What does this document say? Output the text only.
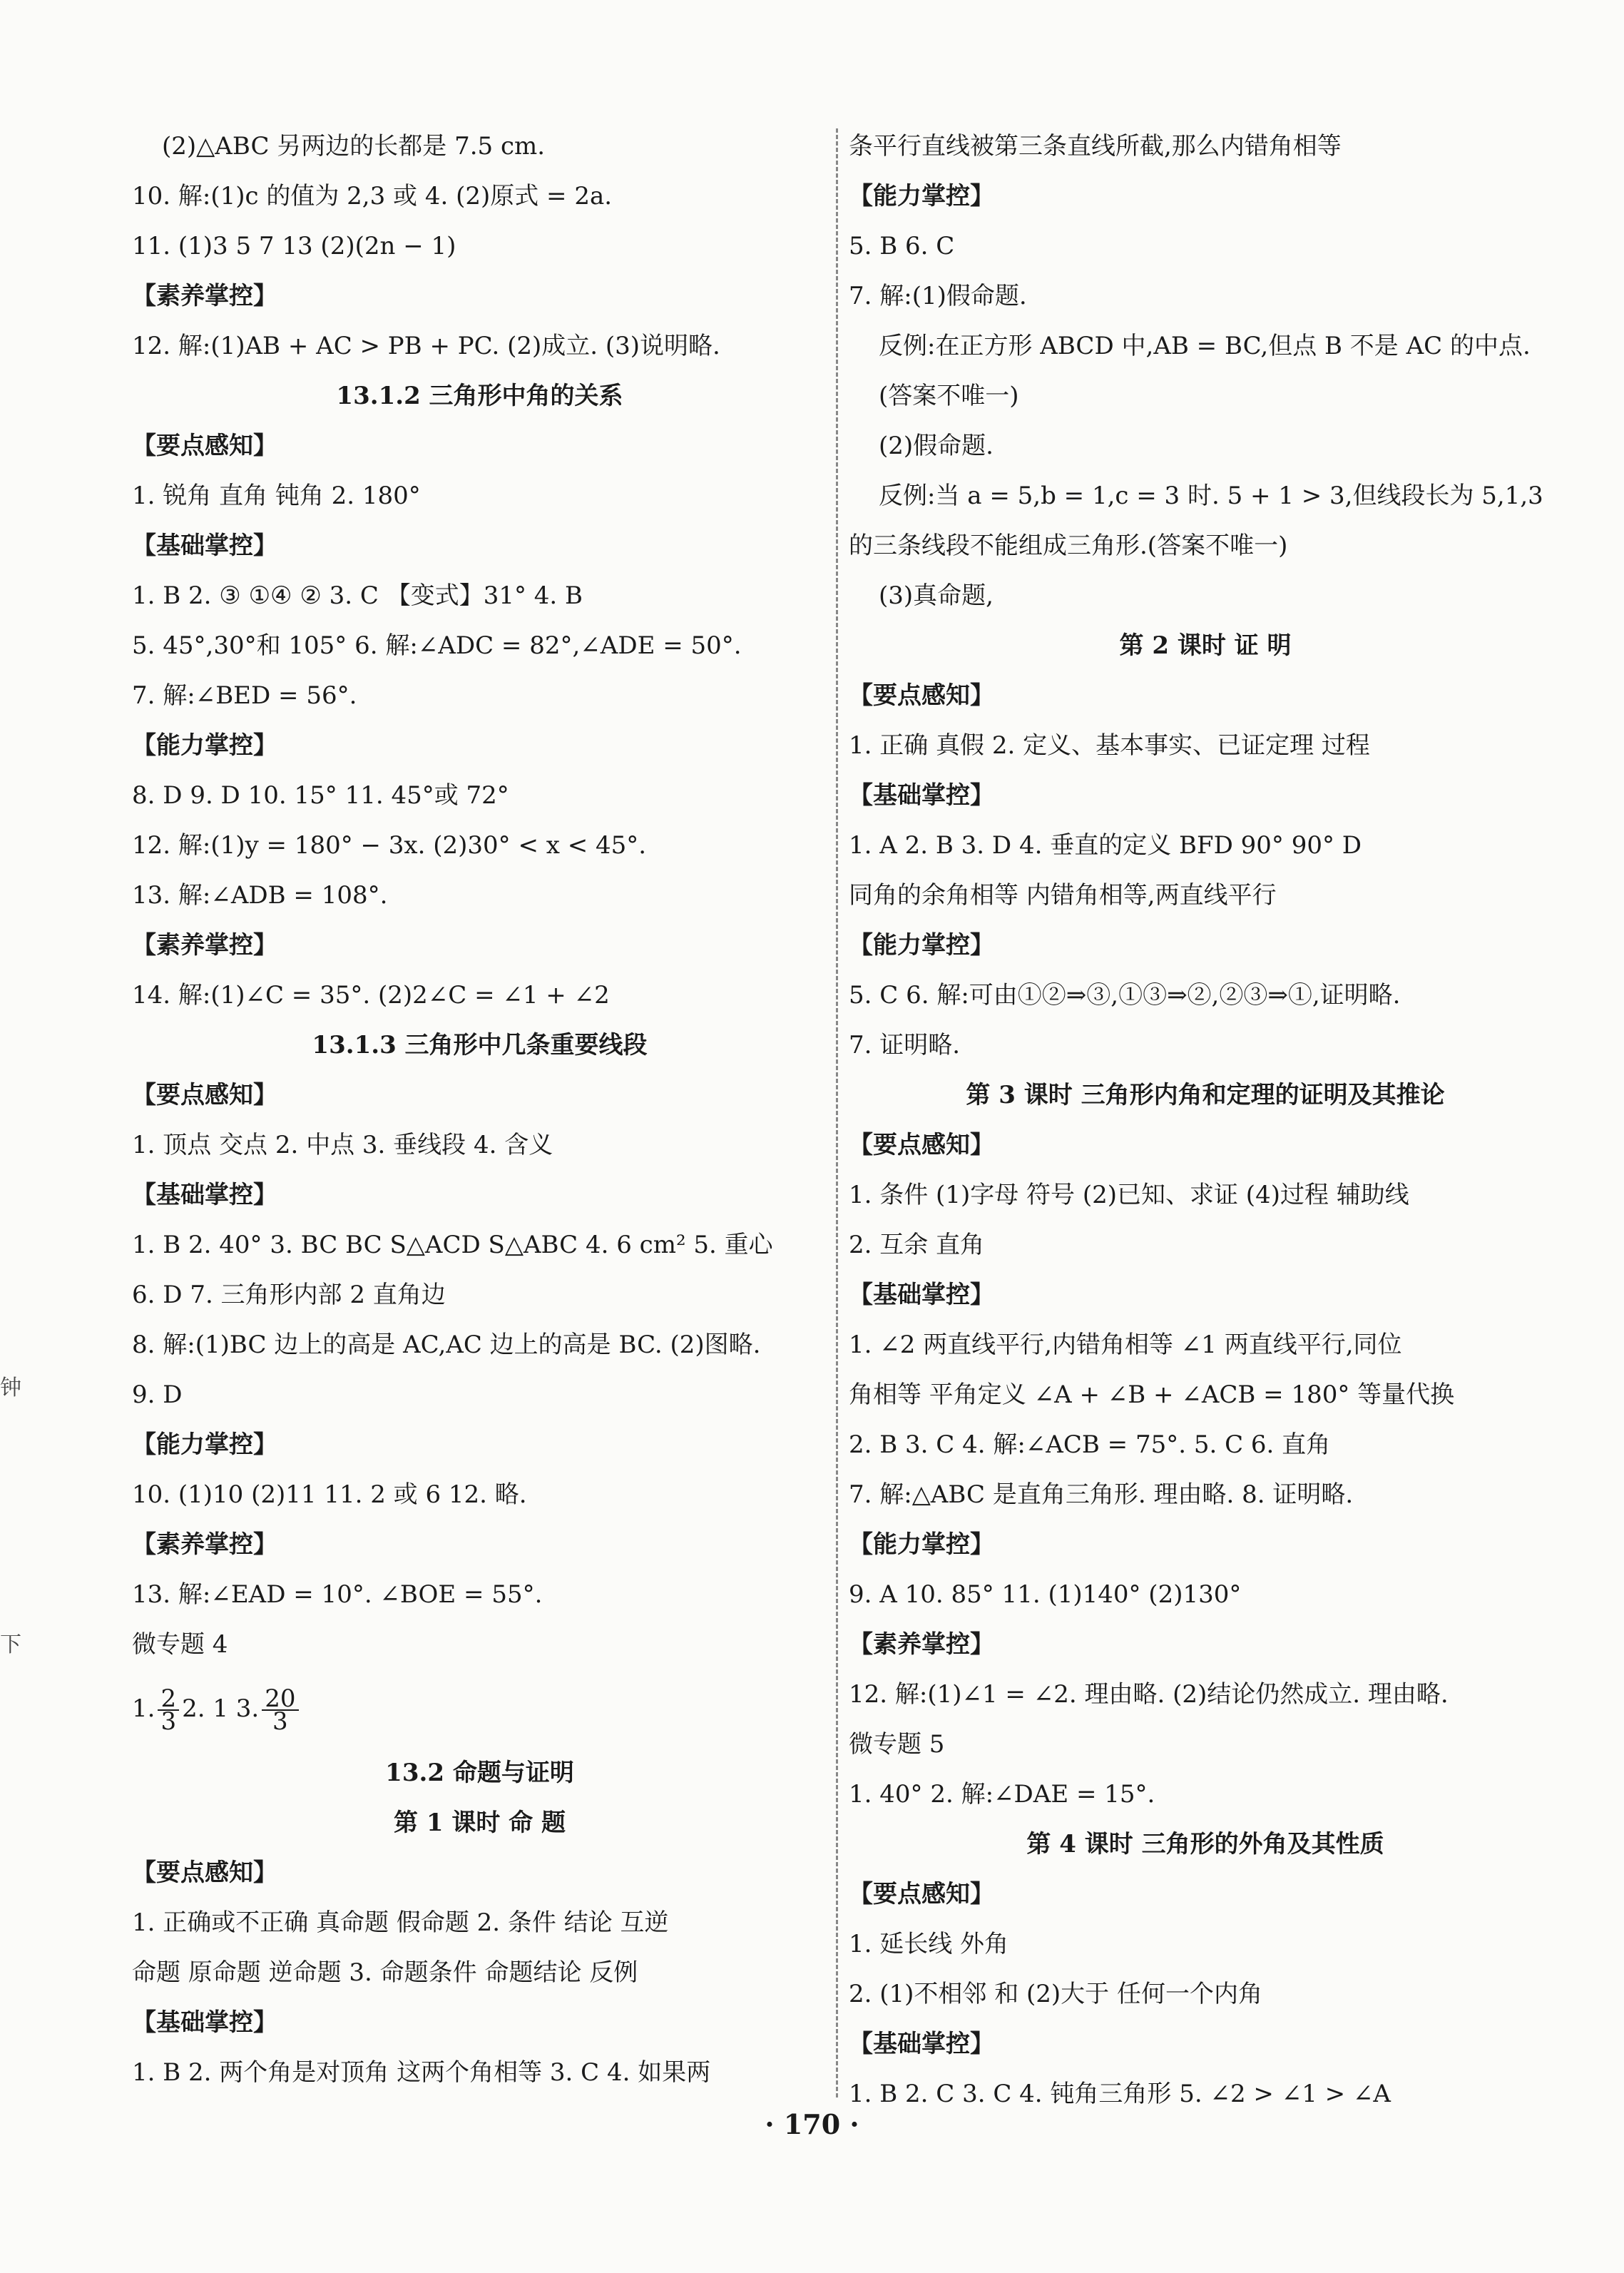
钟
下
(2)△ABC 另两边的长都是 7.5 cm.
10. 解:(1)c 的值为 2,3 或 4. (2)原式 = 2a.
11. (1)3 5 7 13 (2)(2n − 1)
【素养掌控】
12. 解:(1)AB + AC > PB + PC. (2)成立. (3)说明略.
13.1.2 三角形中角的关系
【要点感知】
1. 锐角 直角 钝角 2. 180°
【基础掌控】
1. B 2. ③ ①④ ② 3. C 【变式】31° 4. B
5. 45°,30°和 105° 6. 解:∠ADC = 82°,∠ADE = 50°.
7. 解:∠BED = 56°.
【能力掌控】
8. D 9. D 10. 15° 11. 45°或 72°
12. 解:(1)y = 180° − 3x. (2)30° < x < 45°.
13. 解:∠ADB = 108°.
【素养掌控】
14. 解:(1)∠C = 35°. (2)2∠C = ∠1 + ∠2
13.1.3 三角形中几条重要线段
【要点感知】
1. 顶点 交点 2. 中点 3. 垂线段 4. 含义
【基础掌控】
1. B 2. 40° 3. BC BC S△ACD S△ABC 4. 6 cm² 5. 重心
6. D 7. 三角形内部 2 直角边
8. 解:(1)BC 边上的高是 AC,AC 边上的高是 BC. (2)图略.
9. D
【能力掌控】
10. (1)10 (2)11 11. 2 或 6 12. 略.
【素养掌控】
13. 解:∠EAD = 10°. ∠BOE = 55°.
微专题 4
1. $\frac{2}{3} 2$. 1 3. $\frac{20}{3}$
13.2 命题与证明
第 1 课时 命 题
【要点感知】
1. 正确或不正确 真命题 假命题 2. 条件 结论 互逆
命题 原命题 逆命题 3. 命题条件 命题结论 反例
【基础掌控】
1. B 2. 两个角是对顶角 这两个角相等 3. C 4. 如果两
条平行直线被第三条直线所截,那么内错角相等
【能力掌控】
5. B 6. C
7. 解:(1)假命题.
反例:在正方形 ABCD 中,AB = BC,但点 B 不是 AC 的中点.
(答案不唯一)
(2)假命题.
反例:当 a = 5,b = 1,c = 3 时. 5 + 1 > 3,但线段长为 5,1,3
的三条线段不能组成三角形.(答案不唯一)
(3)真命题,
第 2 课时 证 明
【要点感知】
1. 正确 真假 2. 定义、基本事实、已证定理 过程
【基础掌控】
1. A 2. B 3. D 4. 垂直的定义 BFD 90° 90° D
同角的余角相等 内错角相等,两直线平行
【能力掌控】
5. C 6. 解:可由①②⇒③,①③⇒②,②③⇒①,证明略.
7. 证明略.
第 3 课时 三角形内角和定理的证明及其推论
【要点感知】
1. 条件 (1)字母 符号 (2)已知、求证 (4)过程 辅助线
2. 互余 直角
【基础掌控】
1. ∠2 两直线平行,内错角相等 ∠1 两直线平行,同位
角相等 平角定义 ∠A + ∠B + ∠ACB = 180° 等量代换
2. B 3. C 4. 解:∠ACB = 75°. 5. C 6. 直角
7. 解:△ABC 是直角三角形. 理由略. 8. 证明略.
【能力掌控】
9. A 10. 85° 11. (1)140° (2)130°
【素养掌控】
12. 解:(1)∠1 = ∠2. 理由略. (2)结论仍然成立. 理由略.
微专题 5
1. 40° 2. 解:∠DAE = 15°.
第 4 课时 三角形的外角及其性质
【要点感知】
1. 延长线 外角
2. (1)不相邻 和 (2)大于 任何一个内角
【基础掌控】
1. B 2. C 3. C 4. 钝角三角形 5. ∠2 > ∠1 > ∠A
· 170 ·
